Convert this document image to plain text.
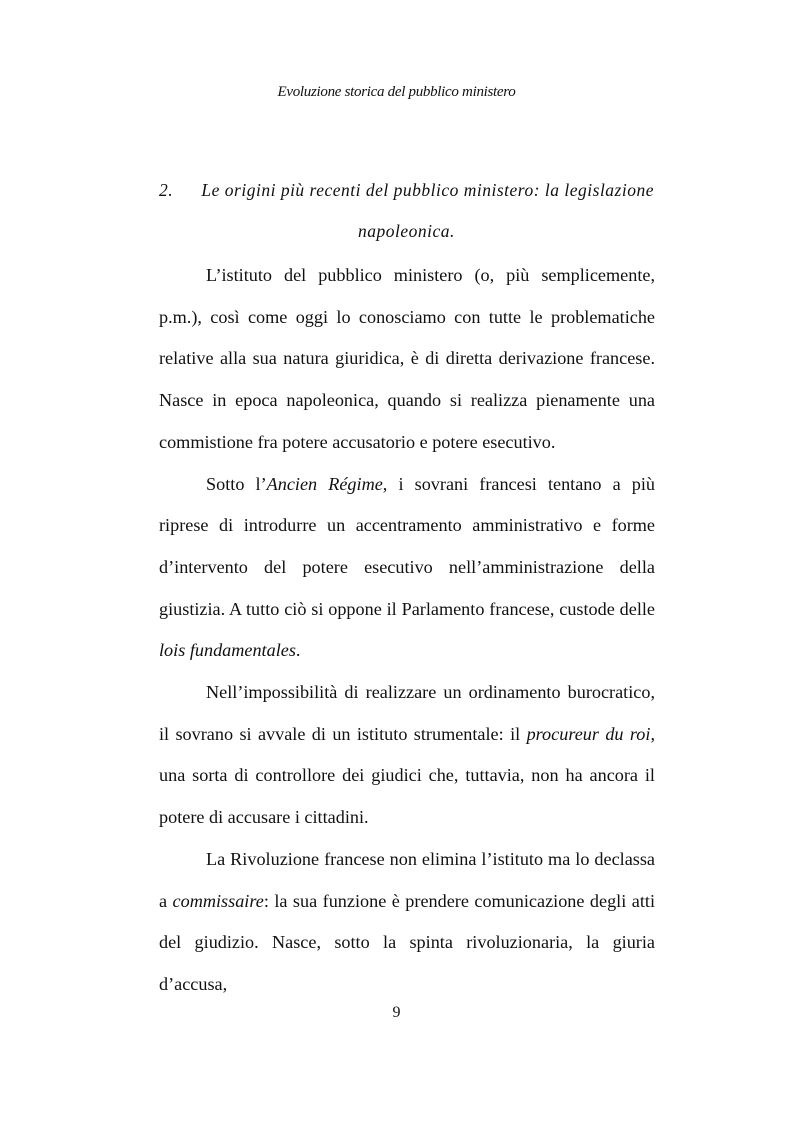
Evoluzione storica del pubblico ministero
2. Le origini più recenti del pubblico ministero: la legislazione
napoleonica.

L’istituto del pubblico ministero (o, più semplicemente, p.m.), così come oggi lo conosciamo con tutte le problematiche relative alla sua natura giuridica, è di diretta derivazione francese. Nasce in epoca napoleonica, quando si realizza pienamente una commistione fra potere accusatorio e potere esecutivo.

Sotto l’Ancien Régime, i sovrani francesi tentano a più riprese di introdurre un accentramento amministrativo e forme d’intervento del potere esecutivo nell’amministrazione della giustizia. A tutto ciò si oppone il Parlamento francese, custode delle lois fundamentales.

Nell’impossibilità di realizzare un ordinamento burocratico, il sovrano si avvale di un istituto strumentale: il procureur du roi, una sorta di controllore dei giudici che, tuttavia, non ha ancora il potere di accusare i cittadini.

La Rivoluzione francese non elimina l’istituto ma lo declassa a commissaire: la sua funzione è prendere comunicazione degli atti del giudizio. Nasce, sotto la spinta rivoluzionaria, la giuria d’accusa,

9
